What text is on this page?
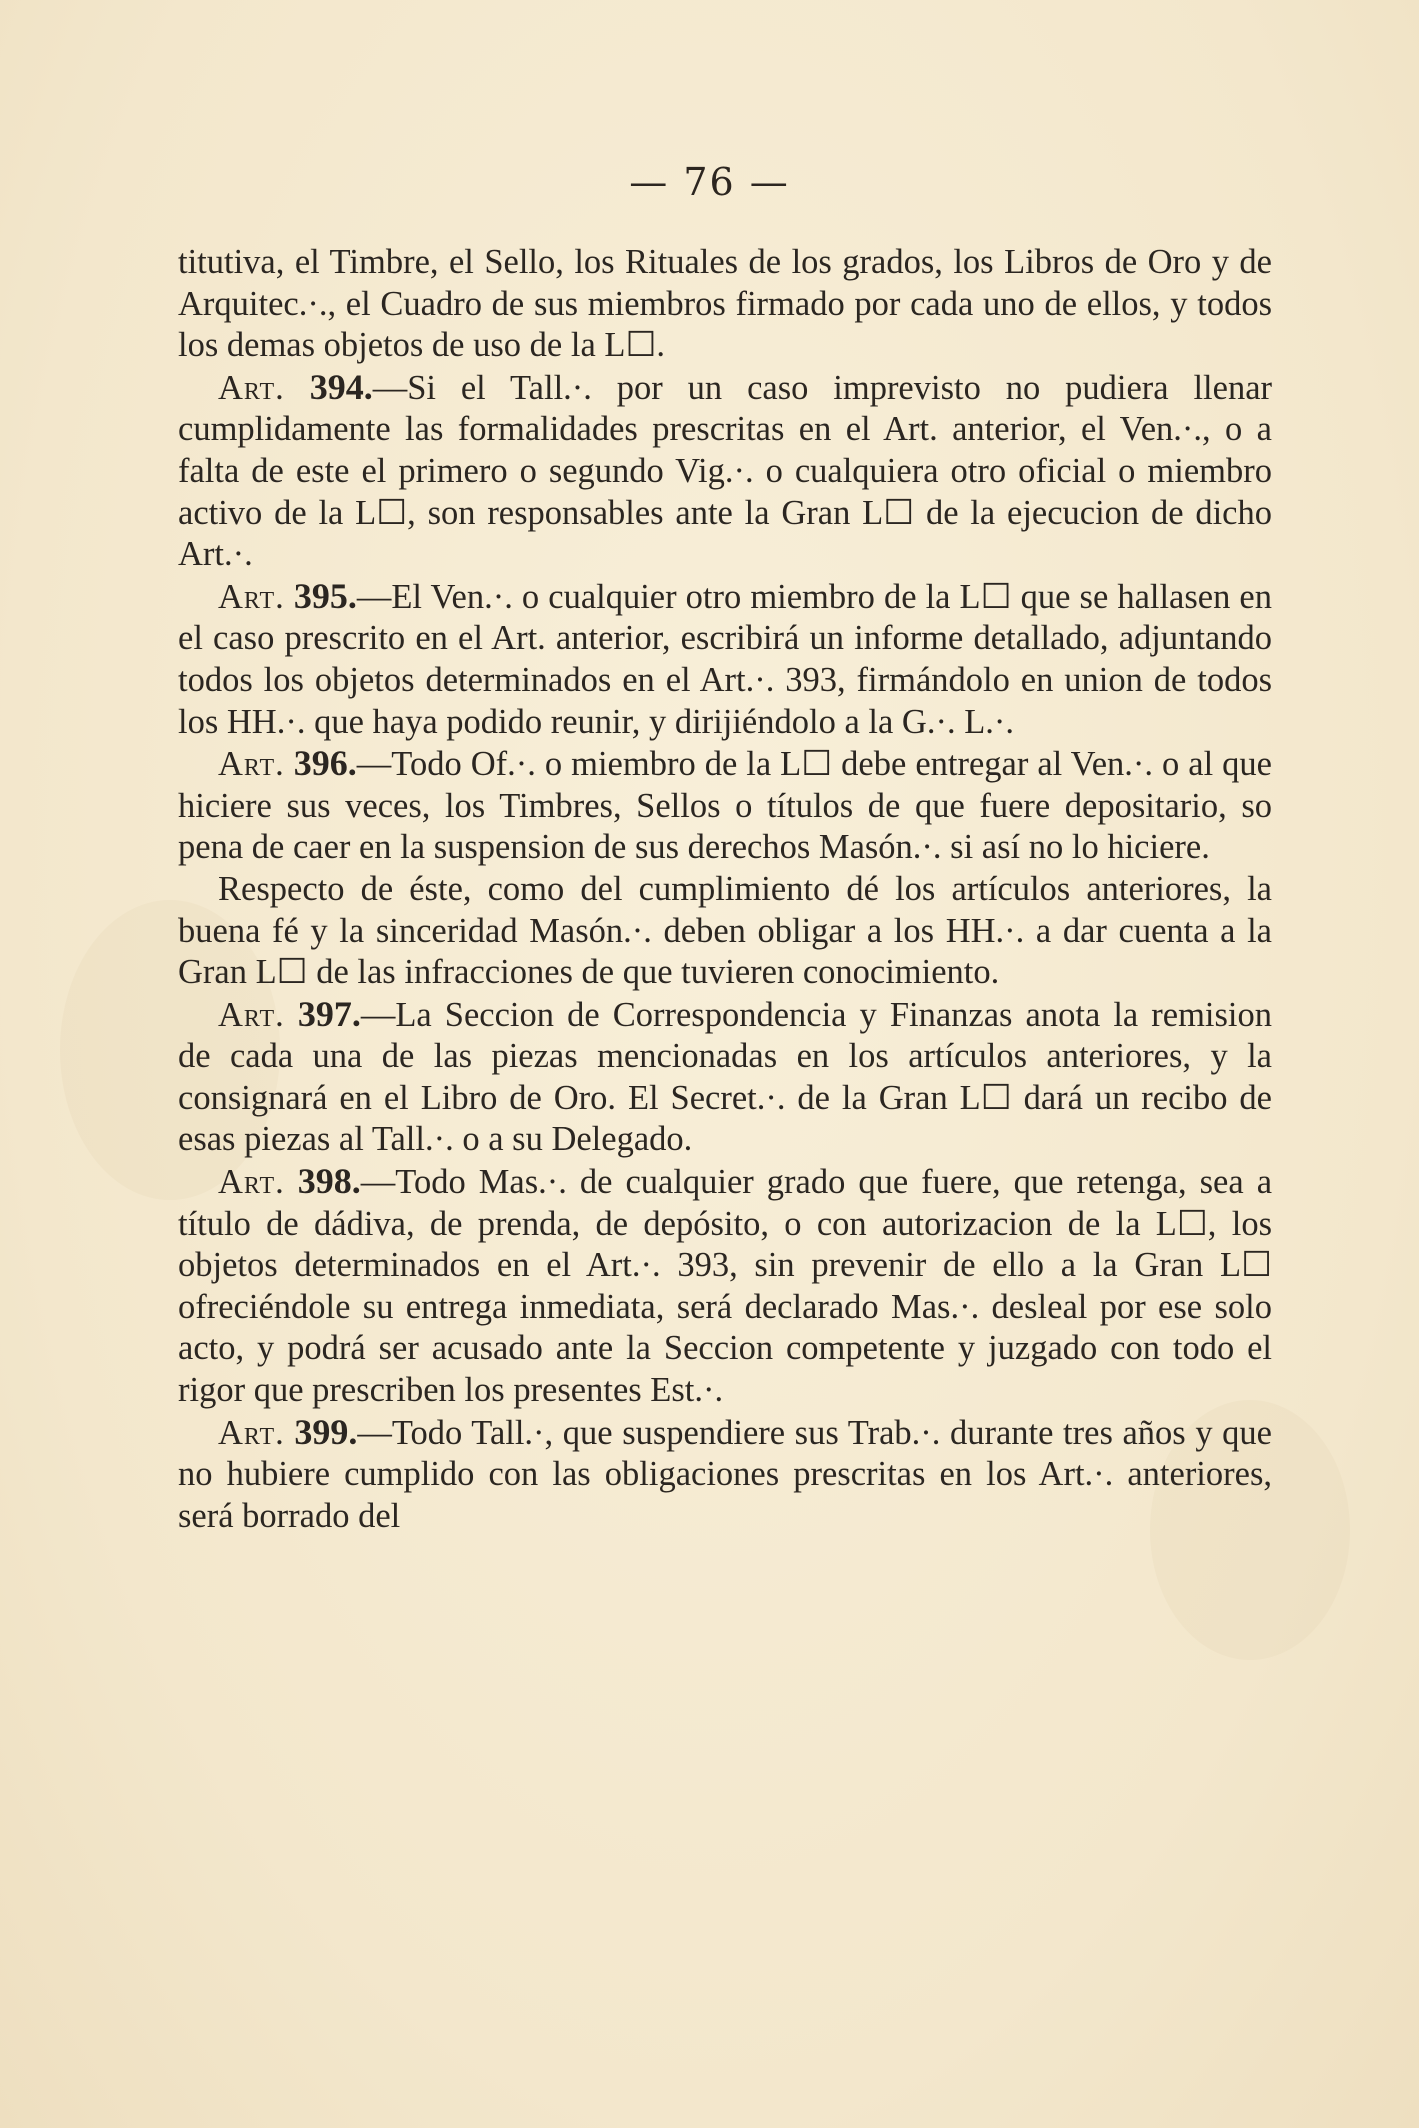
— 76 —

titutiva, el Timbre, el Sello, los Rituales de los grados, los Libros de Oro y de Arquitec.·., el Cuadro de sus miembros firmado por cada uno de ellos, y todos los demas objetos de uso de la L☐.

Art. 394.—Si el Tall.·. por un caso imprevisto no pudiera llenar cumplidamente las formalidades prescritas en el Art. anterior, el Ven.·., o a falta de este el primero o segundo Vig.·. o cualquiera otro oficial o miembro activo de la L☐, son responsables ante la Gran L☐ de la ejecucion de dicho Art.·.

Art. 395.—El Ven.·. o cualquier otro miembro de la L☐ que se hallasen en el caso prescrito en el Art. anterior, escribirá un informe detallado, adjuntando todos los objetos determinados en el Art.·. 393, firmándolo en union de todos los HH.·. que haya podido reunir, y dirijiéndolo a la G.·. L.·.

Art. 396.—Todo Of.·. o miembro de la L☐ debe entregar al Ven.·. o al que hiciere sus veces, los Timbres, Sellos o títulos de que fuere depositario, so pena de caer en la suspension de sus derechos Masón.·. si así no lo hiciere.

Respecto de éste, como del cumplimiento dé los artículos anteriores, la buena fé y la sinceridad Masón.·. deben obligar a los HH.·. a dar cuenta a la Gran L☐ de las infracciones de que tuvieren conocimiento.

Art. 397.—La Seccion de Correspondencia y Finanzas anota la remision de cada una de las piezas mencionadas en los artículos anteriores, y la consignará en el Libro de Oro. El Secret.·. de la Gran L☐ dará un recibo de esas piezas al Tall.·. o a su Delegado.

Art. 398.—Todo Mas.·. de cualquier grado que fuere, que retenga, sea a título de dádiva, de prenda, de depósito, o con autorizacion de la L☐, los objetos determinados en el Art.·. 393, sin prevenir de ello a la Gran L☐ ofreciéndole su entrega inmediata, será declarado Mas.·. desleal por ese solo acto, y podrá ser acusado ante la Seccion competente y juzgado con todo el rigor que prescriben los presentes Est.·.

Art. 399.—Todo Tall.·, que suspendiere sus Trab.·. durante tres años y que no hubiere cumplido con las obligaciones prescritas en los Art.·. anteriores, será borrado del
